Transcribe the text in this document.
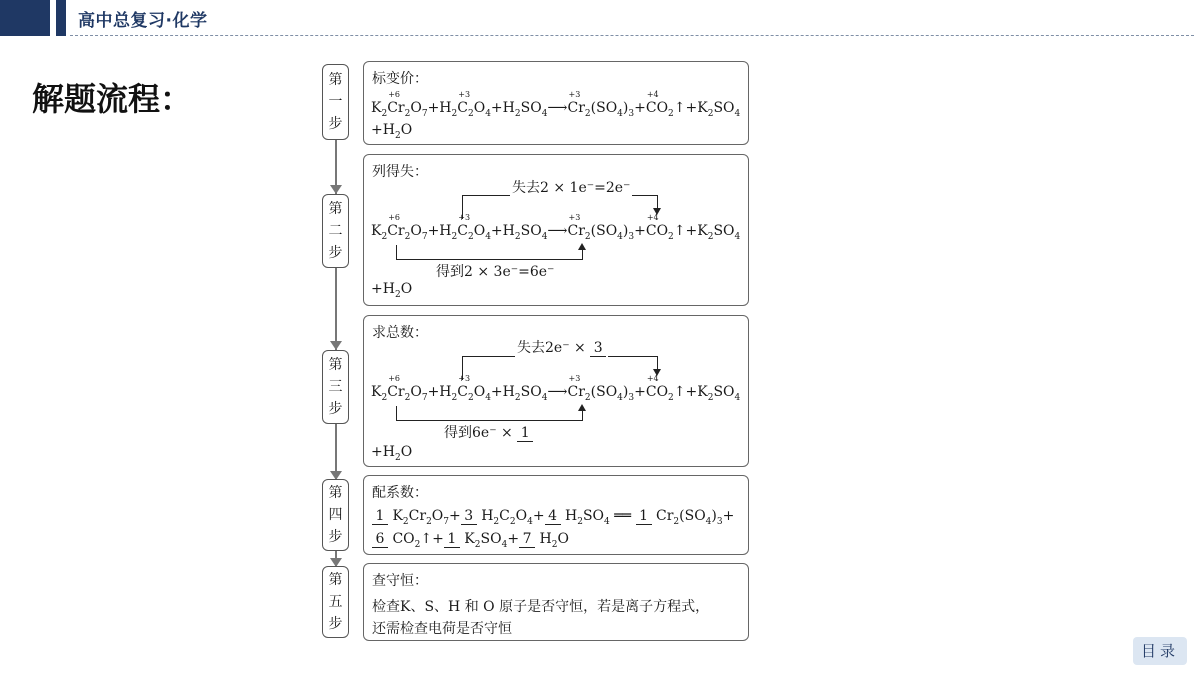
高中总复习·化学
解题流程：	第
一
步
第
二
步
第
三
步
第
四
步
第
五
步
标变价：
$K_2$
+6
$Cr_2O_7+H_2$
+3
$C_2O_4+H_2SO_4⟶$
+3
$Cr_2(SO_4)_3+$
+4
$CO_2↑+K_2SO_4$
$+H_2O$
列得失：
失去2 × 1e⁻=2e⁻
$K_2$
+6
$Cr_2O_7+H_2$
+3
$C_2O_4+H_2SO_4⟶$
+3
$Cr_2(SO_4)_3+$
+4
$CO_2↑+K_2SO_4$
得到2 × 3e⁻=6e⁻
$+H_2O$
求总数：
失去2e⁻ × 3
$K_2$
+6
$Cr_2O_7+H_2$
+3
$C_2O_4+H_2SO_4⟶$
+3
$Cr_2(SO_4)_3+$
+4
$CO_2↑+K_2SO_4$
得到6e⁻ × 1
$+H_2O$
配系数：
1 $K_2Cr_2O_7+ 3$ $H_2C_2O_4+ 4$ $H_2SO_4$ ══ 1 $Cr_2(SO_4)_3+$
6 $CO_2↑+ 1$ $K_2SO_4+ 7$ $H_2O$
查守恒：
检查K、S、H 和 O 原子是否守恒，若是离子方程式，
还需检查电荷是否守恒
目录
